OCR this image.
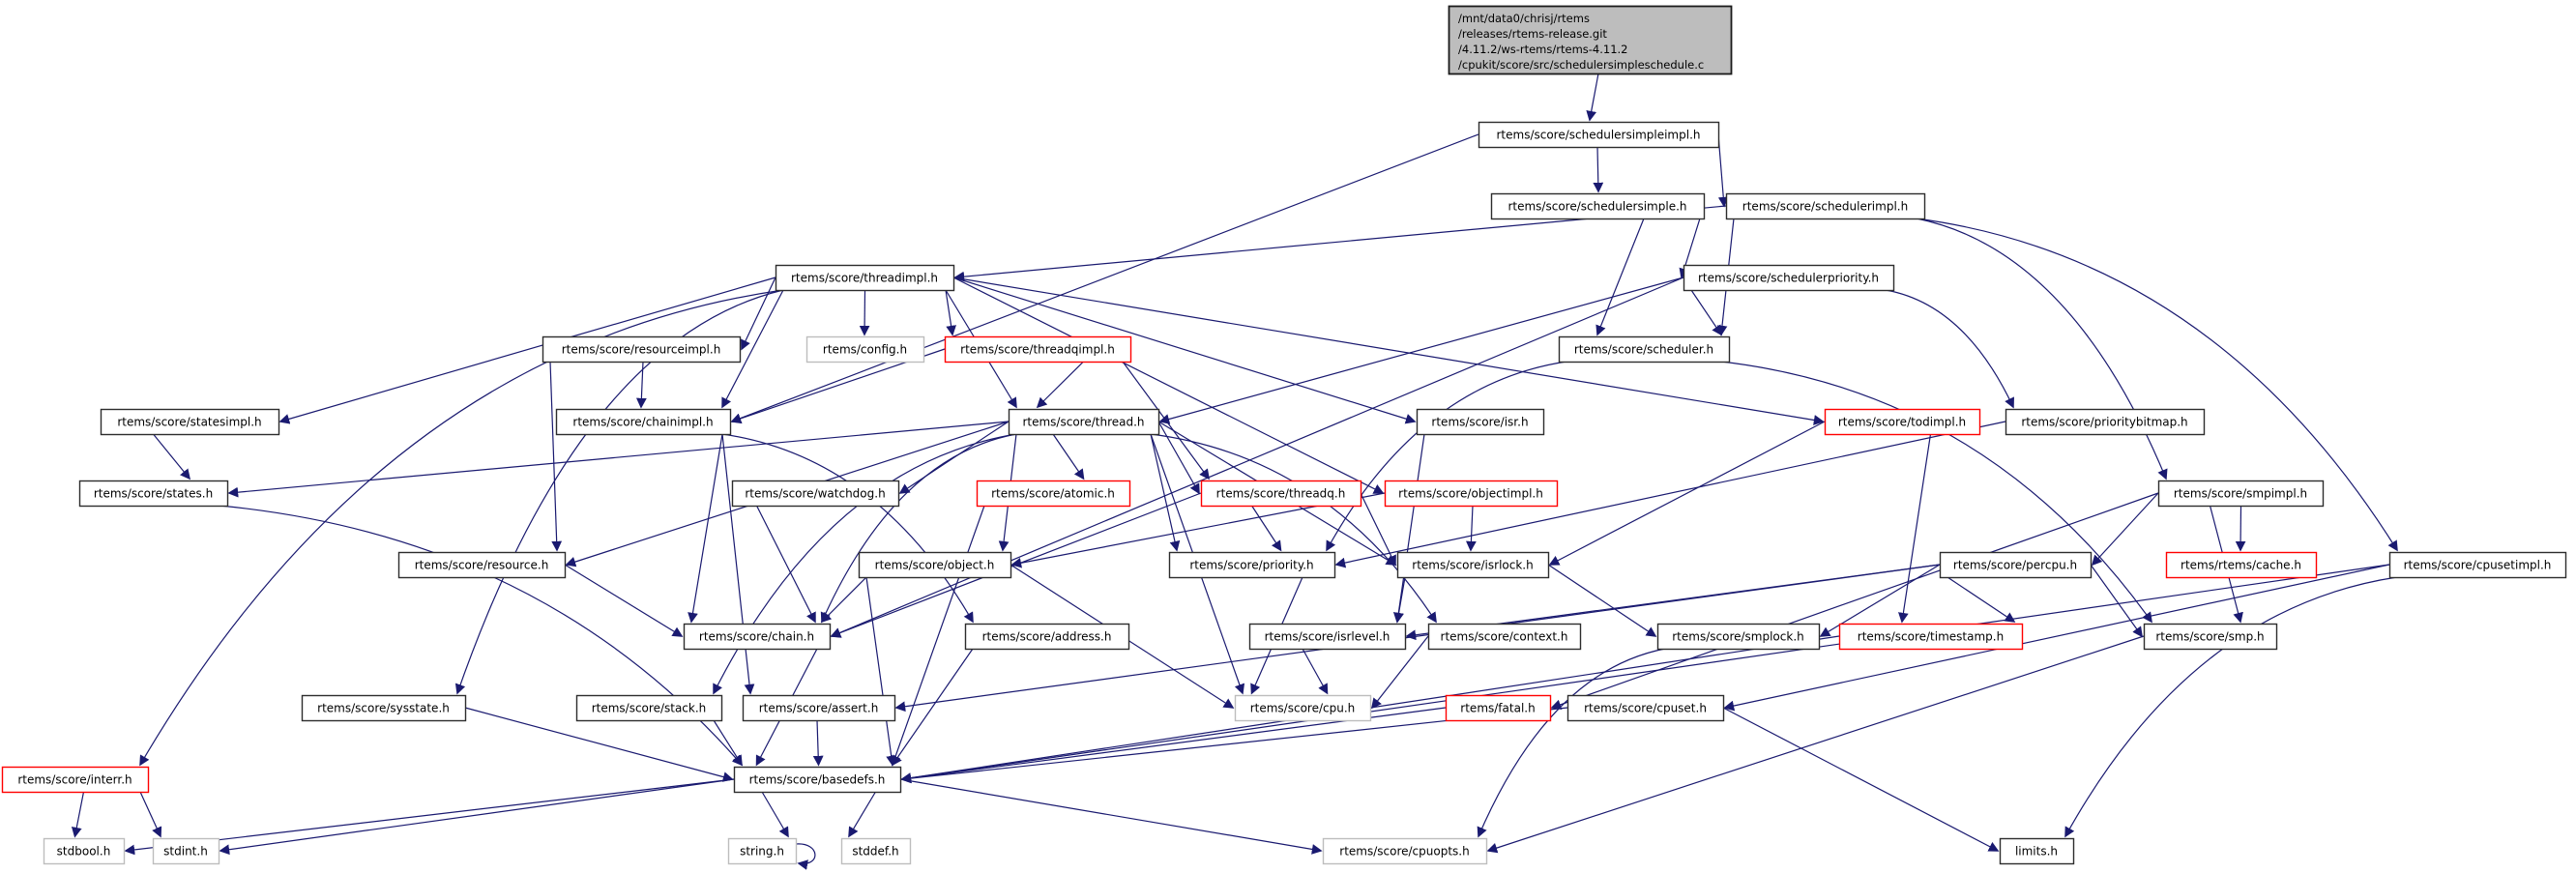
/mnt/data0/chrisj/rtems
/releases/rtems-release.git
/4.11.2/ws-rtems/rtems-4.11.2
/cpukit/score/src/schedulersimpleschedule.c
rtems/score/schedulersimpleimpl.h
rtems/score/schedulersimple.h	rtems/score/schedulerimpl.h
rtems/score/threadimpl.h	rtems/score/schedulerpriority.h
rtems/score/resourceimpl.h	rtems/config.h	rtems/score/threadqimpl.h	rtems/score/scheduler.h
rtems/score/statesimpl.h	rtems/score/chainimpl.h	rtems/score/thread.h	rtems/score/isr.h	rtems/score/todimpl.h	rtems/score/prioritybitmap.h
rtems/score/states.h	rtems/score/watchdog.h	rtems/score/atomic.h	rtems/score/threadq.h	rtems/score/objectimpl.h	rtems/score/smpimpl.h
rtems/score/resource.h	rtems/score/object.h	rtems/score/priority.h	rtems/score/isrlock.h	rtems/score/percpu.h	rtems/rtems/cache.h	rtems/score/cpusetimpl.h
rtems/score/chain.h	rtems/score/address.h	rtems/score/isrlevel.h	rtems/score/context.h	rtems/score/smplock.h	rtems/score/timestamp.h	rtems/score/smp.h
rtems/score/sysstate.h	rtems/score/stack.h	rtems/score/assert.h	rtems/score/cpu.h	rtems/fatal.h	rtems/score/cpuset.h
rtems/score/interr.h	rtems/score/basedefs.h
stdbool.h	stdint.h	string.h	stddef.h	rtems/score/cpuopts.h	limits.h
